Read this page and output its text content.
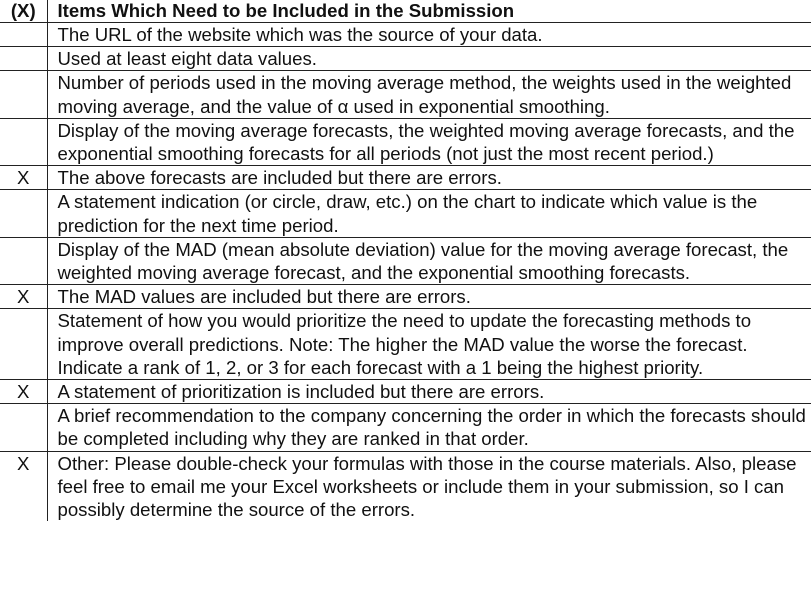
(X)	Items Which Need to be Included in the Submission
	The URL of the website which was the source of your data.
	Used at least eight data values.
	Number of periods used in the moving average method, the weights used in the weighted moving average, and the value of α used in exponential smoothing.
	Display of the moving average forecasts, the weighted moving average forecasts, and the exponential smoothing forecasts for all periods (not just the most recent period.)
X	The above forecasts are included but there are errors.
	A statement indication (or circle, draw, etc.) on the chart to indicate which value is the prediction for the next time period.
	Display of the MAD (mean absolute deviation) value for the moving average forecast, the weighted moving average forecast, and the exponential smoothing forecasts.
X	The MAD values are included but there are errors.
	Statement of how you would prioritize the need to update the forecasting methods to improve overall predictions. Note: The higher the MAD value the worse the forecast. Indicate a rank of 1, 2, or 3 for each forecast with a 1 being the highest priority.
X	A statement of prioritization is included but there are errors.
	A brief recommendation to the company concerning the order in which the forecasts should be completed including why they are ranked in that order.
X	Other: Please double-check your formulas with those in the course materials. Also, please feel free to email me your Excel worksheets or include them in your submission, so I can possibly determine the source of the errors.
